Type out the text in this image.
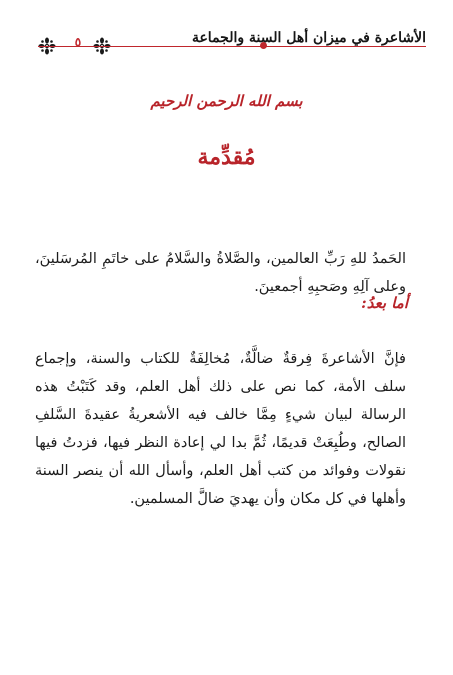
٥	الأشاعرة في ميزان أهل السنة والجماعة
بسم الله الرحمن الرحيم
مُقدِّمة

الحَمدُ للهِ رَبِّ العالمين، والصَّلاةُ والسَّلامُ على خاتَمِ المُرسَلينَ، وعلى آلِهِ وصَحبِهِ أجمعينَ.

أما بعدُ:

فإنَّ الأشاعرةَ فِرقةٌ ضالَّةٌ، مُخالِفَةٌ للكتاب والسنة، وإجماع سلف الأمة، كما نص على ذلك أهل العلم، وقد كَتَبْتُ هذه الرسالة لبيان شيءٍ مِمَّا خالف فيه الأشعريةُ عقيدةَ السَّلفِ الصالح، وطُبِعَتْ قديمًا، ثُمَّ بدا لي إعادة النظر فيها، فزدتُ فيها نقولات وفوائد من كتب أهل العلم، وأسأل الله أن ينصر السنة وأهلها في كل مكان وأن يهديَ ضالَّ المسلمين.
